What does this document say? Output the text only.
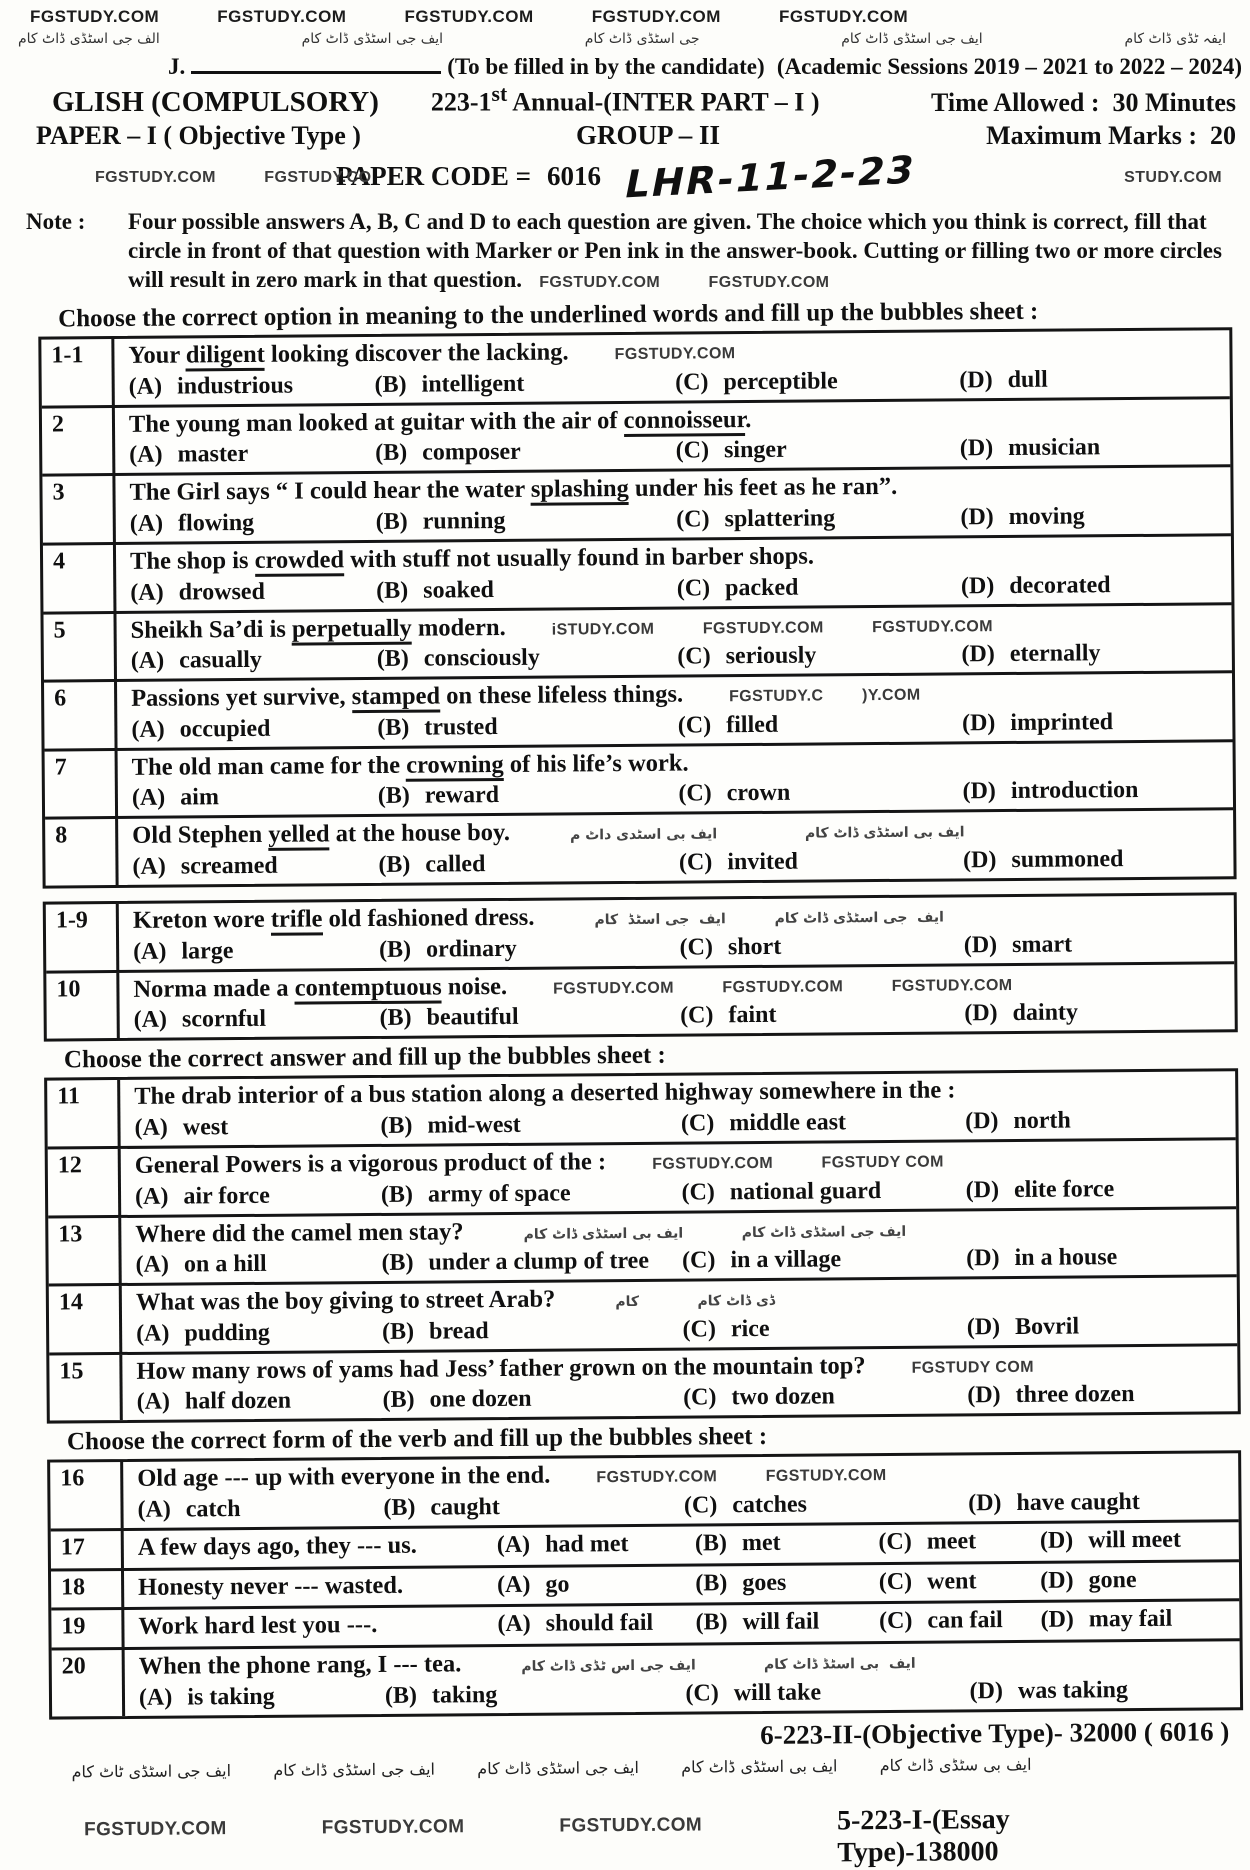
FGSTUDY.COM	FGSTUDY.COM	FGSTUDY.COM	FGSTUDY.COM	FGSTUDY.COM
الف جی اسٹڈی ڈاٹ کام	ایف جی اسٹڈی ڈاٹ کام	جی اسٹڈی ڈاٹ کام	ایف جی اسٹڈی ڈاٹ کام	ایفہ ٹڈی ڈاٹ کام
J.	(To be filled in by the candidate) (Academic Sessions 2019 – 2021 to 2022 – 2024)
GLISH (COMPULSORY) 223-1st Annual-(INTER PART – I )	Time Allowed : 30 Minutes
PAPER – I ( Objective Type )	GROUP – II	Maximum Marks : 20
FGSTUDY.COM          FGSTUDY.CO
PAPER CODE = 6016 LHR-11-2-23	STUDY.COM
Note :	Four possible answers A, B, C and D to each question are given. The choice which you think is correct, fill that circle in front of that question with Marker or Pen ink in the answer-book. Cutting or filling two or more circles will result in zero mark in that question. FGSTUDY.COM          FGSTUDY.COM
Choose the correct option in meaning to the underlined words and fill up the bubbles sheet :
1-1	Your diligent looking discover the lacking.	FGSTUDY.COM
(A) industrious	(B) intelligent	(C) perceptible	(D) dull
2	The young man looked at guitar with the air of connoisseur.
(A) master	(B) composer	(C) singer	(D) musician
3	The Girl says “ I could hear the water splashing under his feet as he ran”.
(A) flowing	(B) running	(C) splattering	(D) moving
4	The shop is crowded with stuff not usually found in barber shops.
(A) drowsed	(B) soaked	(C) packed	(D) decorated
5	Sheikh Sa’di is perpetually modern.	iSTUDY.COM          FGSTUDY.COM          FGSTUDY.COM
(A) casually	(B) consciously	(C) seriously	(D) eternally
6	Passions yet survive, stamped on these lifeless things.	FGSTUDY.C        )Y.COM
(A) occupied	(B) trusted	(C) filled	(D) imprinted
7	The old man came for the crowning of his life’s work.
(A) aim	(B) reward	(C) crown	(D) introduction
8	Old Stephen yelled at the house boy.	ایف بی اسٹڈی ڈاٹ کام                  ایف بی اسٹدی داٹ م
(A) screamed	(B) called	(C) invited	(D) summoned
1-9	Kreton wore trifle old fashioned dress.	ایف  جی اسٹڈی ڈاٹ کام          ایف  جی اسٹڈ  کام
(A) large	(B) ordinary	(C) short	(D) smart
10	Norma made a contemptuous noise.	FGSTUDY.COM          FGSTUDY.COM          FGSTUDY.COM
(A) scornful	(B) beautiful	(C) faint	(D) dainty
Choose the correct answer and fill up the bubbles sheet :
11	The drab interior of a bus station along a deserted highway somewhere in the :
(A) west	(B) mid-west	(C) middle east	(D) north
12	General Powers is a vigorous product of the :	FGSTUDY.COM          FGSTUDY COM
(A) air force	(B) army of space	(C) national guard	(D) elite force
13	Where did the camel men stay?	ایف جی اسٹڈی ڈاٹ کام            ایف بی اسٹڈی ڈاٹ کام
(A) on a hill	(B) under a clump of tree	(C) in a village	(D) in a house
14	What was the boy giving to street Arab?	ڈی ڈاٹ کام            کام
(A) pudding	(B) bread	(C) rice	(D) Bovril
15	How many rows of yams had Jess’ father grown on the mountain top?	FGSTUDY COM
(A) half dozen	(B) one dozen	(C) two dozen	(D) three dozen
Choose the correct form of the verb and fill up the bubbles sheet :
16	Old age --- up with everyone in the end.	FGSTUDY.COM          FGSTUDY.COM
(A) catch	(B) caught	(C) catches	(D) have caught
17	A few days ago, they --- us.	(A) had met	(B) met	(C) meet	(D) will meet
18	Honesty never --- wasted.	(A) go	(B) goes	(C) went	(D) gone
19	Work hard lest you ---.	(A) should fail	(B) will fail	(C) can fail	(D) may fail
20	When the phone rang, I --- tea.	ایف  بی اسٹڈ ڈاٹ کام              ایف جی اس ٹڈی ڈاٹ کام
(A) is taking	(B) taking	(C) will take	(D) was taking
6-223-II-(Objective Type)- 32000 ( 6016 )
ایف جی اسٹڈی ٹاٹ کام	ایف جی اسٹڈی ڈاٹ کام	ایف جی اسٹڈی ڈاٹ کام	ایف بی اسٹڈی ڈاٹ کام	ایف بی سٹڈی ڈاٹ کام
FGSTUDY.COM	FGSTUDY.COM	FGSTUDY.COM	5-223-I-(Essay Type)-138000
